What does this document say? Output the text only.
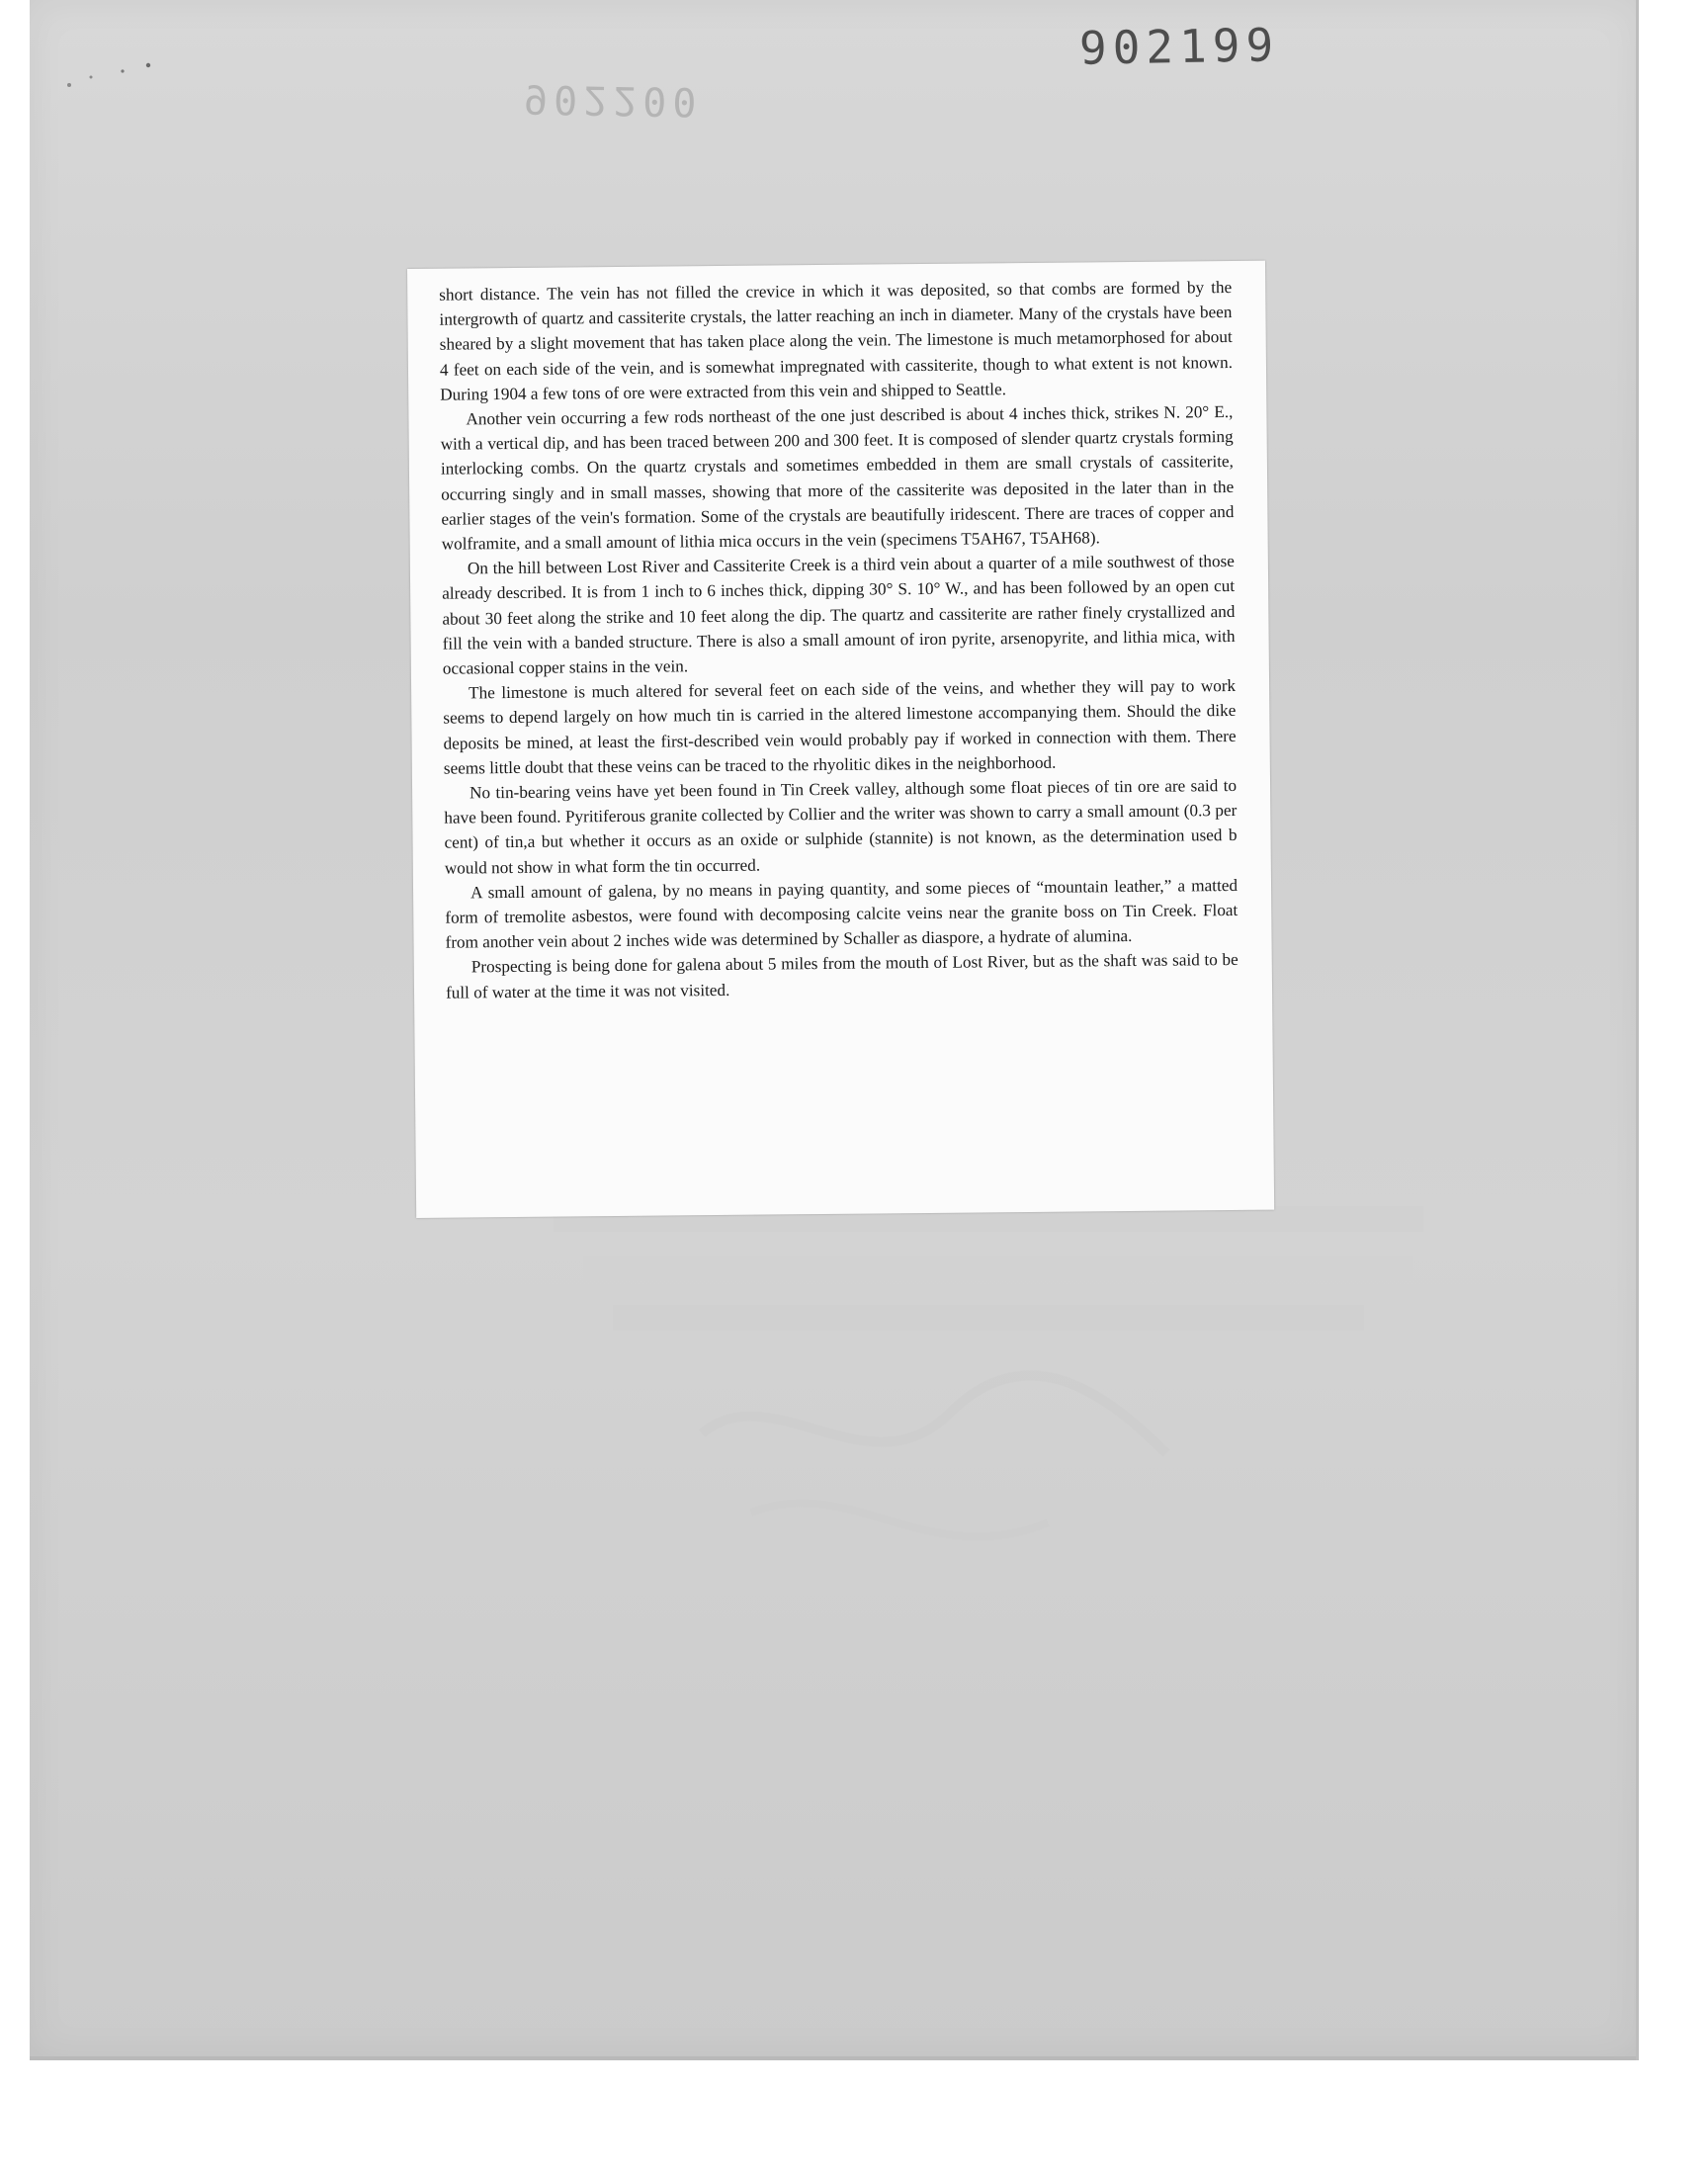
902199
902200

short distance. The vein has not filled the crevice in which it was deposited, so that combs are formed by the intergrowth of quartz and cassiterite crystals, the latter reaching an inch in diameter. Many of the crystals have been sheared by a slight movement that has taken place along the vein. The limestone is much metamorphosed for about 4 feet on each side of the vein, and is somewhat impregnated with cassiterite, though to what extent is not known. During 1904 a few tons of ore were extracted from this vein and shipped to Seattle.

Another vein occurring a few rods northeast of the one just described is about 4 inches thick, strikes N. 20° E., with a vertical dip, and has been traced between 200 and 300 feet. It is composed of slender quartz crystals forming interlocking combs. On the quartz crystals and sometimes embedded in them are small crystals of cassiterite, occurring singly and in small masses, showing that more of the cassiterite was deposited in the later than in the earlier stages of the vein's formation. Some of the crystals are beautifully iridescent. There are traces of copper and wolframite, and a small amount of lithia mica occurs in the vein (specimens T5AH67, T5AH68).

On the hill between Lost River and Cassiterite Creek is a third vein about a quarter of a mile southwest of those already described. It is from 1 inch to 6 inches thick, dipping 30° S. 10° W., and has been followed by an open cut about 30 feet along the strike and 10 feet along the dip. The quartz and cassiterite are rather finely crystallized and fill the vein with a banded structure. There is also a small amount of iron pyrite, arsenopyrite, and lithia mica, with occasional copper stains in the vein.

The limestone is much altered for several feet on each side of the veins, and whether they will pay to work seems to depend largely on how much tin is carried in the altered limestone accompanying them. Should the dike deposits be mined, at least the first-described vein would probably pay if worked in connection with them. There seems little doubt that these veins can be traced to the rhyolitic dikes in the neighborhood.

No tin-bearing veins have yet been found in Tin Creek valley, although some float pieces of tin ore are said to have been found. Pyritiferous granite collected by Collier and the writer was shown to carry a small amount (0.3 per cent) of tin,a but whether it occurs as an oxide or sulphide (stannite) is not known, as the determination used b would not show in what form the tin occurred.

A small amount of galena, by no means in paying quantity, and some pieces of “mountain leather,” a matted form of tremolite asbestos, were found with decomposing calcite veins near the granite boss on Tin Creek. Float from another vein about 2 inches wide was determined by Schaller as diaspore, a hydrate of alumina.

Prospecting is being done for galena about 5 miles from the mouth of Lost River, but as the shaft was said to be full of water at the time it was not visited.
